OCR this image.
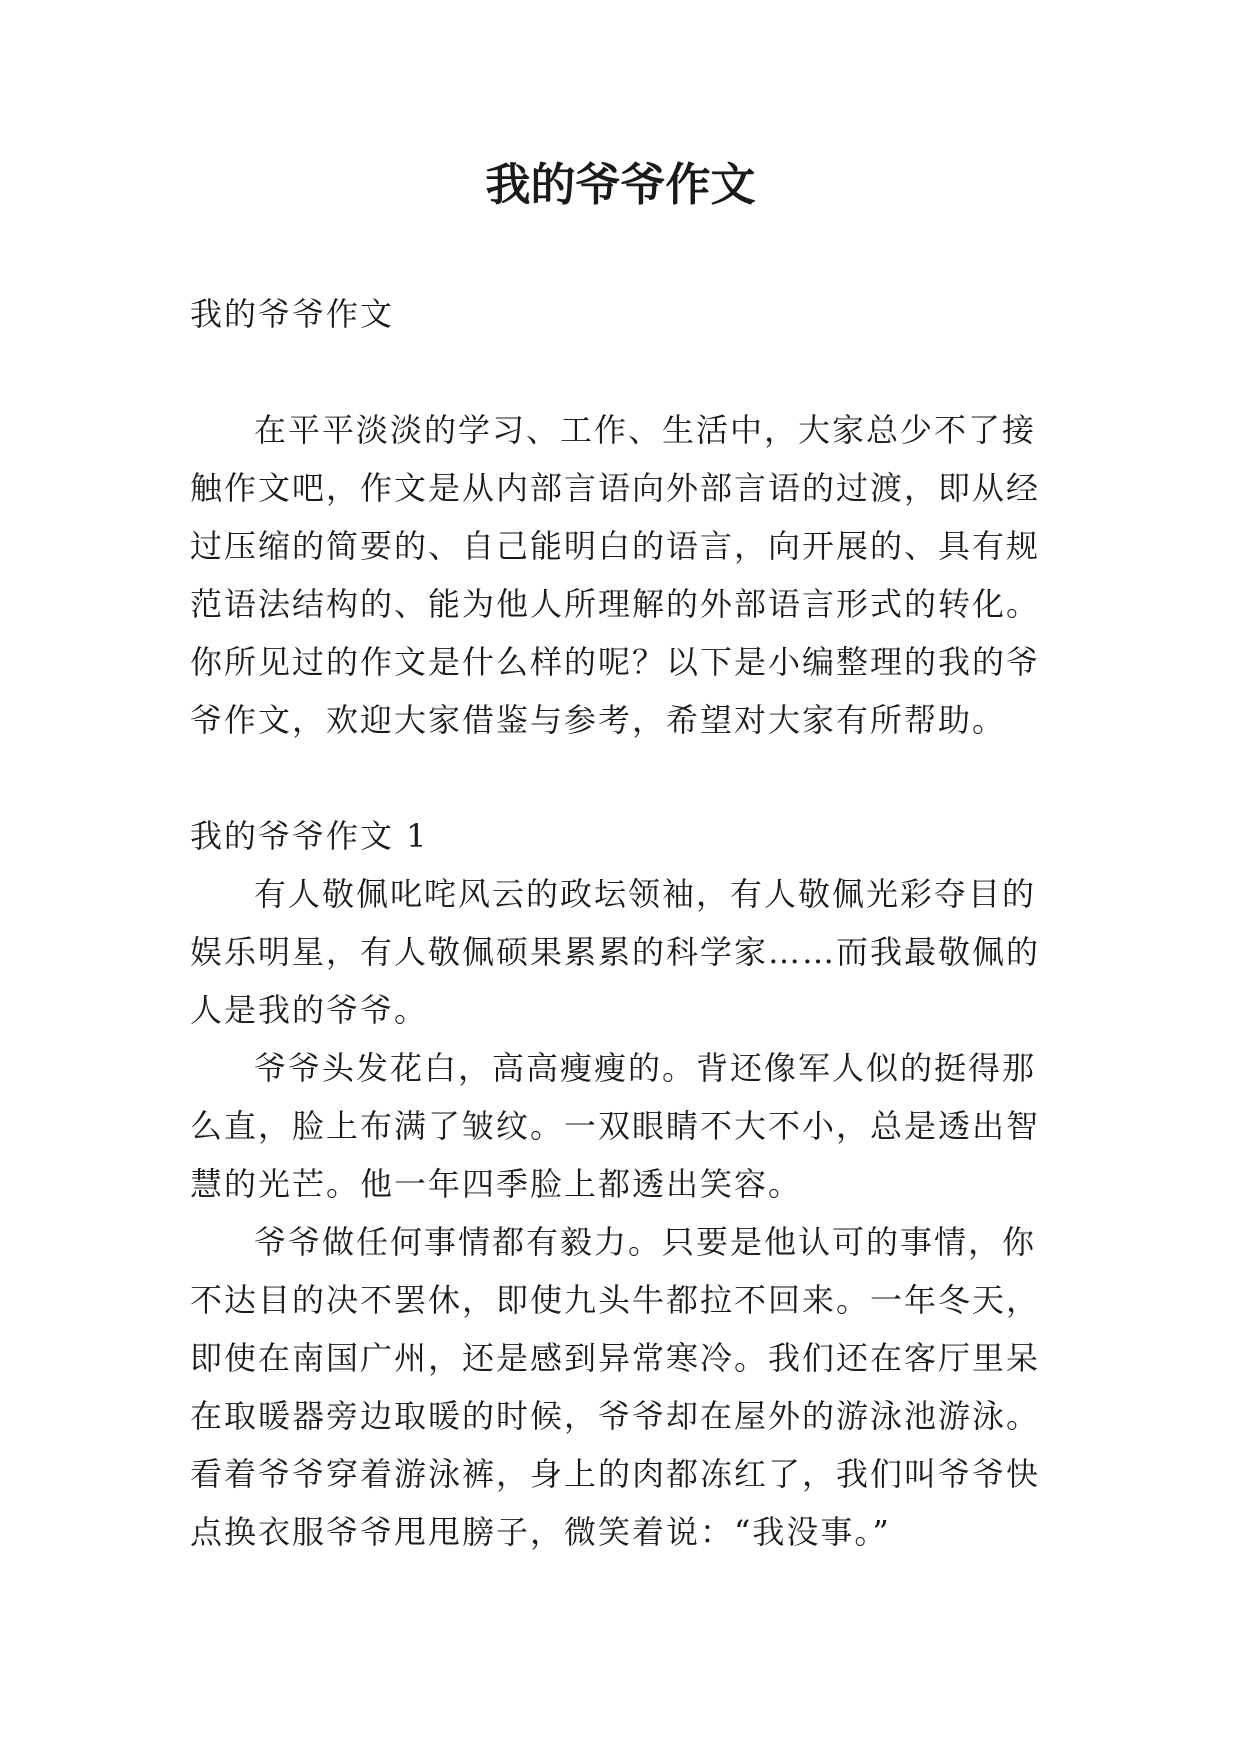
我的爷爷作文

我的爷爷作文

在平平淡淡的学习、工作、生活中，大家总少不了接触作文吧，作文是从内部言语向外部言语的过渡，即从经过压缩的简要的、自己能明白的语言，向开展的、具有规范语法结构的、能为他人所理解的外部语言形式的转化。你所见过的作文是什么样的呢？以下是小编整理的我的爷爷作文，欢迎大家借鉴与参考，希望对大家有所帮助。

我的爷爷作文 1

有人敬佩叱咤风云的政坛领袖，有人敬佩光彩夺目的娱乐明星，有人敬佩硕果累累的科学家……而我最敬佩的人是我的爷爷。

爷爷头发花白，高高瘦瘦的。背还像军人似的挺得那么直，脸上布满了皱纹。一双眼睛不大不小，总是透出智慧的光芒。他一年四季脸上都透出笑容。

爷爷做任何事情都有毅力。只要是他认可的事情，你不达目的决不罢休，即使九头牛都拉不回来。一年冬天，即使在南国广州，还是感到异常寒冷。我们还在客厅里呆在取暖器旁边取暖的时候，爷爷却在屋外的游泳池游泳。看着爷爷穿着游泳裤，身上的肉都冻红了，我们叫爷爷快点换衣服爷爷甩甩膀子，微笑着说：“我没事。”
